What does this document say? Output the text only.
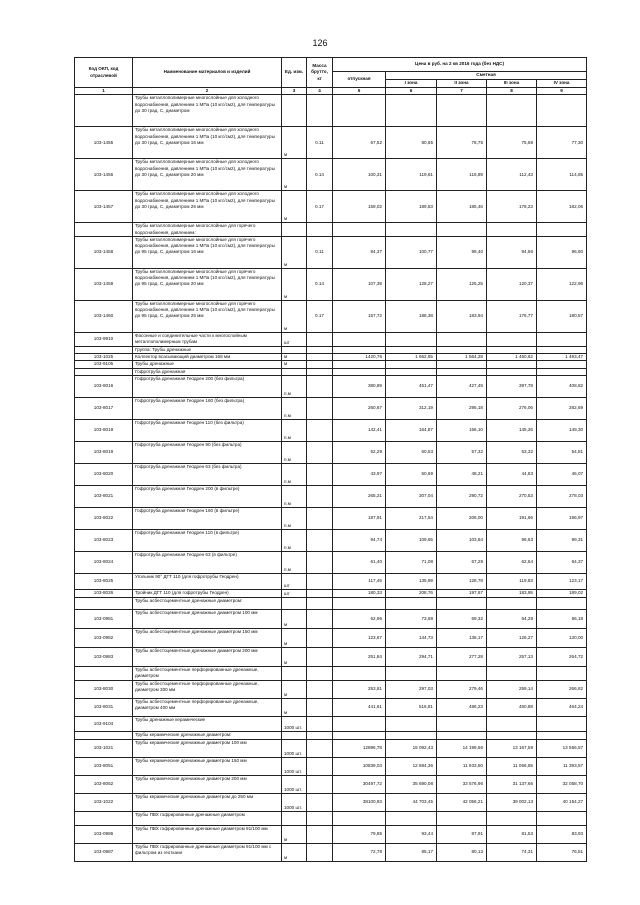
126
Код ОКП, код отраслевой	Наименование материалов и изделий	Ед. изм.	Масса брутто, кг	Цена в руб. на 2 кв 2016 года (без НДС)				
				отпускная	Сметная			
					I зона	II зона	III зона	IV зона
1	2	3	4	5	6	7	8	9
	Трубы металлополимерные многослойные для холодного водоснабжения, давлением 1 МПа (10 кгс/см2), для температуры до 30 град. С, диаметром							
103-1455	Трубы металлополимерные многослойные для холодного водоснабжения, давлением 1 МПа (10 кгс/см2), для температуры до 30 град. С, диаметром 16 мм	м	0.11	67,52	80,65	78,75	75,68	77,30
103-1456	Трубы металлополимерные многослойные для холодного водоснабжения, давлением 1 МПа (10 кгс/см2), для температуры до 30 град. С, диаметром 20 мм	м	0.14	100,31	119,61	116,89	112,43	114,85
103-1457	Трубы металлополимерные многослойные для холодного водоснабжения, давлением 1 МПа (10 кгс/см2), для температуры до 30 град. С, диаметром 25 мм	м	0.17	159,02	189,83	185,46	178,23	182,06
	Трубы металлополимерные многослойные для горячего водоснабжения, давлением:							
103-1458	Трубы металлополимерные многослойные для горячего водоснабжения, давлением 1 МПа (10 кгс/см2), для температуры до 95 град. С, диаметром 16 мм	м	0.11	84,37	100,77	98,40	94,56	96,60
103-1459	Трубы металлополимерные многослойные для горячего водоснабжения, давлением 1 МПа (10 кгс/см2), для температуры до 95 град. С, диаметром 20 мм	м	0.14	107,39	128,27	125,25	120,37	122,96
103-1460	Трубы металлополимерные многослойные для горячего водоснабжения, давлением 1 МПа (10 кгс/см2), для температуры до 95 град. С, диаметром 25 мм	м	0.17	157,72	188,38	183,94	176,77	180,57
103-9910	Фасонные и соединительные части к многослойным металлополимерным трубам	шт						
	Группа: Трубы дренажные							
103-1025	Коллектор всасывающий диаметром 168 мм	м		1420,76	1 662,65	1 564,28	1 450,62	1 493,47
103-9105	Трубы дренажные	м						
	Гофротруба дренажная							
103-8016	Гофротруба дренажная Геодрен 200 (без фильтра)	п.м		380,89	451,47	427,49	397,78	408,82
103-8017	Гофротруба дренажная Геодрен 160 (без фильтра)	п.м		260,67	312,19	295,18	276,06	282,69
103-8018	Гофротруба дренажная Геодрен 110 (без фильтра)	п.м		142,41	164,87	156,10	145,26	149,30
103-8019	Гофротруба дренажная Геодрен 90 (без фильтра)	п.м		52,29	60,53	57,32	53,32	54,81
103-8020	Гофротруба дренажная Геодрен 63 (без фильтра)	п.м		43,97	50,69	48,21	44,83	46,07
103-8021	Гофротруба дренажная Геодрен 200 (в фильтре)	п.м		265,21	307,04	290,72	270,53	278,03
103-8022	Гофротруба дренажная Геодрен 160 (в фильтре)	п.м		187,91	217,54	206,00	191,66	196,97
103-8023	Гофротруба дренажная Геодрен 110 (в фильтре)	п.м		94,74	109,65	103,84	96,63	99,31
103-8024	Гофротруба дренажная Геодрен 63 (в фильтре)	п.м		61,40	71,08	67,29	62,64	64,37
103-8025	Угольник 90° ДГТ 110 (для гофротрубы Геодрен)	шт		117,45	135,99	128,78	119,83	123,17
103-8026	Тройник ДГТ 110 (для гофротрубы Геодрен)	шт		180,33	208,76	197,67	183,95	189,02
	Трубы асбестоцементные дренажные диаметром:							
103-0981	Трубы асбестоцементные дренажные диаметром 100 мм	м		62,96	73,68	69,32	64,28	66,18
103-0982	Трубы асбестоцементные дренажные диаметром 150 мм	м		123,67	144,73	136,17	126,27	130,00
103-0983	Трубы асбестоцементные дренажные диаметром 200 мм	м		251,84	294,71	277,28	257,13	264,72
	Трубы асбестоцементные перфорированные дренажные, диаметром							
103-8030	Трубы асбестоцементные перфорированные дренажные, диаметром 300 мм	м		253,81	297,03	279,46	259,14	266,82
103-8031	Трубы асбестоцементные перфорированные дренажные, диаметром 400 мм	м		441,61	516,81	486,23	450,88	464,24
103-9104	Трубы дренажные керамические	1000 шт.						
	Трубы керамические дренажные диаметром:							
103-1021	Трубы керамические дренажные диаметром 100 мм	1000 шт.		12896,78	15 092,43	14 199,56	13 167,59	13 556,57
103-8051	Трубы керамические дренажные диаметром 150 мм	1000 шт.		10839,03	12 684,36	11 933,50	11 066,65	11 393,57
103-8052	Трубы керамические дренажные диаметром 200 мм	1000 шт.		30497,72	35 690,08	33 576,96	31 137,66	32 058,70
103-1022	Трубы керамические дренажные диаметром до 250 мм	1000 шт.		38100,93	44 703,45	42 056,21	39 002,13	40 154,27
	Трубы ПВХ гофрированные дренажные диаметром							
103-0986	Трубы ПВХ гофрированные дренажные диаметром 91/100 мм	м		79,85	93,44	87,91	81,53	83,93
103-0987	Трубы ПВХ гофрированные дренажные диаметром 91/100 мм с фильтром из геоткани	м		72,78	85,17	80,13	74,31	76,51
